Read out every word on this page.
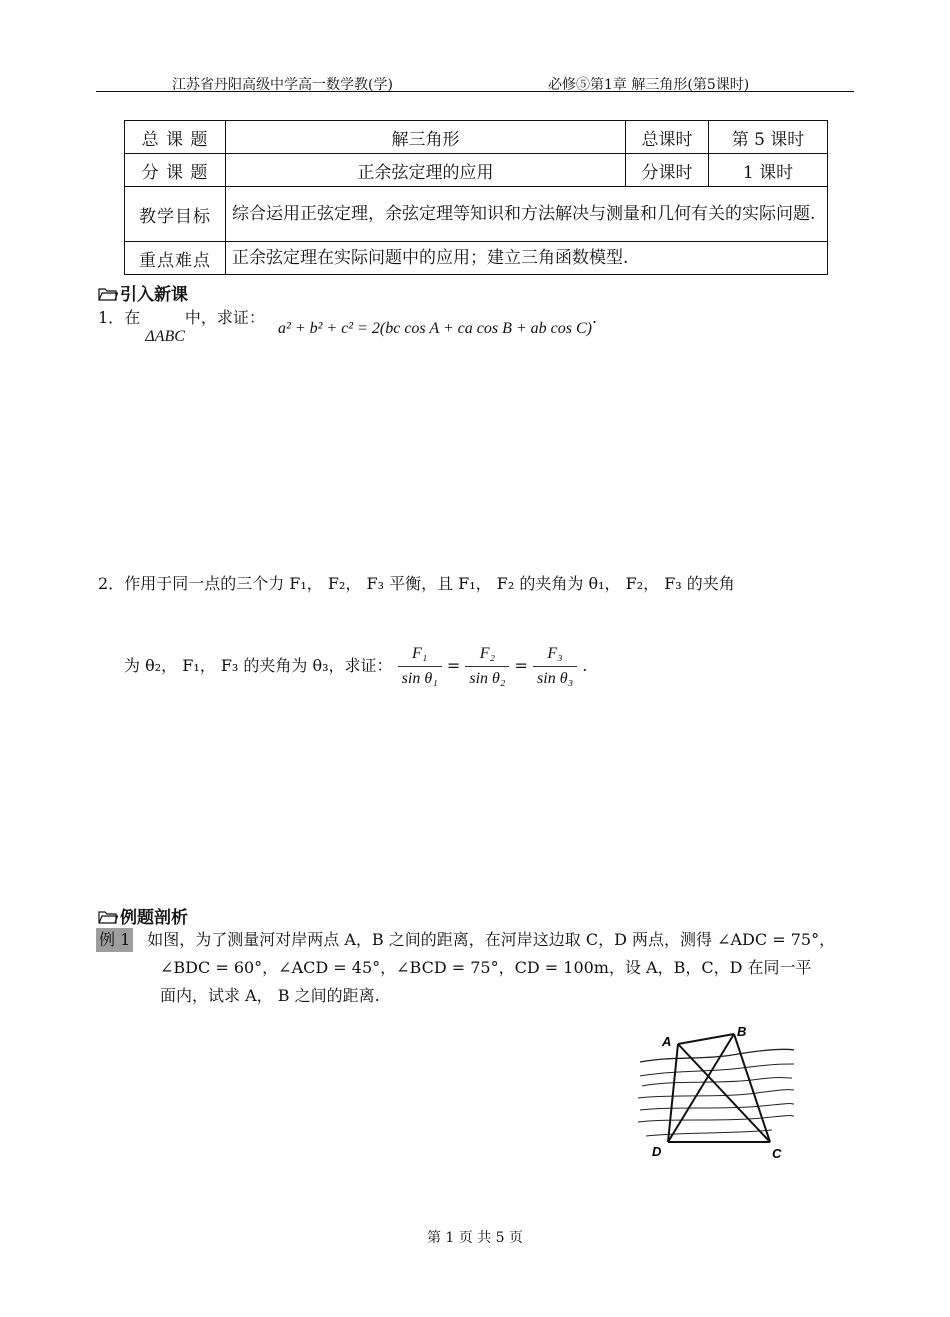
江苏省丹阳高级中学高一数学教(学)	必修⑤第1章 解三角形(第5课时)
总 课 题	解三角形	总课时	第 5 课时
分 课 题	正余弦定理的应用	分课时	1 课时
教学目标	综合运用正弦定理，余弦定理等知识和方法解决与测量和几何有关的实际问题.		
重点难点	正余弦定理在实际问题中的应用；建立三角函数模型.		
引入新课
1．在 ΔABC中，求证： a² + b² + c² = 2(bc cos A + ca cos B + ab cos C).
2．作用于同一点的三个力 F₁， F₂， F₃ 平衡，且 F₁， F₂ 的夹角为 θ₁， F₂， F₃ 的夹角
为 θ₂， F₁， F₃ 的夹角为 θ₃，求证： $\frac{\text{F₁}}{\text{sin θ₁}} = \frac{\text{F₂}}{\text{sin θ₂}} = \frac{\text{F₃}}{\text{sin θ₃}}$ .
例题剖析
例 1 如图，为了测量河对岸两点 A，B 之间的距离，在河岸这边取 C，D 两点，测得 ∠ADC = 75°，
∠BDC = 60°，∠ACD = 45°，∠BCD = 75°，CD = 100m，设 A，B，C，D 在同一平
面内，试求 A， B 之间的距离.
A
B
C
D
第 1 页 共 5 页
